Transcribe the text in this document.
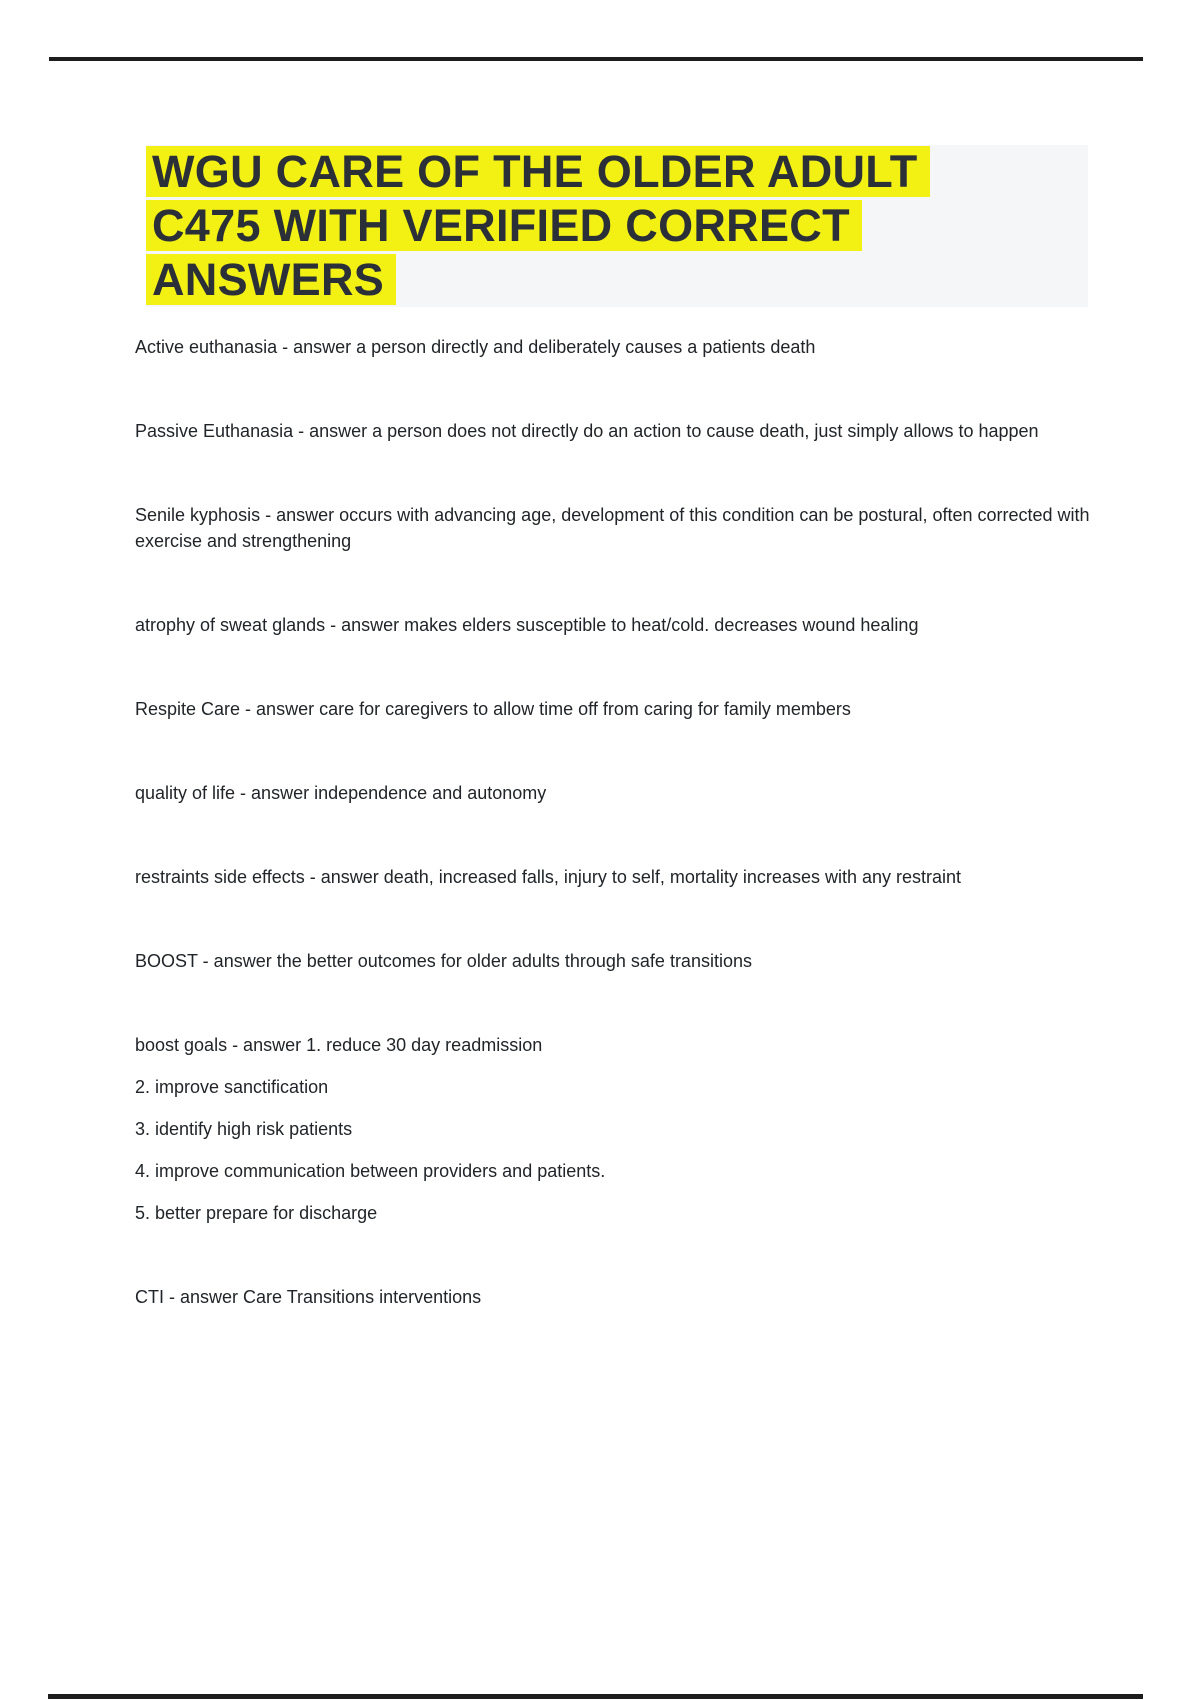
WGU CARE OF THE OLDER ADULT
C475 WITH VERIFIED CORRECT
ANSWERS

Active euthanasia - answer a person directly and deliberately causes a patients death

Passive Euthanasia - answer a person does not directly do an action to cause death, just simply allows to happen

Senile kyphosis - answer occurs with advancing age, development of this condition can be postural, often corrected with exercise and strengthening

atrophy of sweat glands - answer makes elders susceptible to heat/cold. decreases wound healing

Respite Care - answer care for caregivers to allow time off from caring for family members

quality of life - answer independence and autonomy

restraints side effects - answer death, increased falls, injury to self, mortality increases with any restraint

BOOST - answer the better outcomes for older adults through safe transitions

boost goals - answer 1. reduce 30 day readmission

2. improve sanctification

3. identify high risk patients

4. improve communication between providers and patients.

5. better prepare for discharge

CTI - answer Care Transitions interventions
